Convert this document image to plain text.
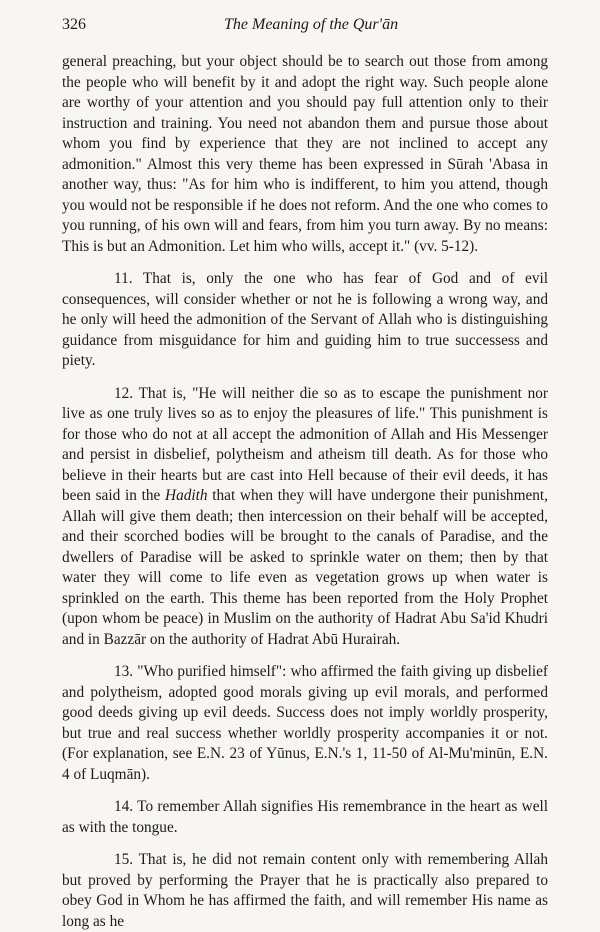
326	The Meaning of the Qur'ān

general preaching, but your object should be to search out those from among the people who will benefit by it and adopt the right way. Such people alone are worthy of your attention and you should pay full attention only to their instruction and training. You need not abandon them and pursue those about whom you find by experience that they are not inclined to accept any admonition." Almost this very theme has been expressed in Sūrah 'Abasa in another way, thus: "As for him who is indifferent, to him you attend, though you would not be responsible if he does not reform. And the one who comes to you running, of his own will and fears, from him you turn away. By no means: This is but an Admonition. Let him who wills, accept it." (vv. 5-12).

11. That is, only the one who has fear of God and of evil consequences, will consider whether or not he is following a wrong way, and he only will heed the admonition of the Servant of Allah who is distinguishing guidance from misguidance for him and guiding him to true successess and piety.

12. That is, "He will neither die so as to escape the punishment nor live as one truly lives so as to enjoy the pleasures of life." This punishment is for those who do not at all accept the admonition of Allah and His Messenger and persist in disbelief, polytheism and atheism till death. As for those who believe in their hearts but are cast into Hell because of their evil deeds, it has been said in the Hadith that when they will have undergone their punishment, Allah will give them death; then intercession on their behalf will be accepted, and their scorched bodies will be brought to the canals of Paradise, and the dwellers of Paradise will be asked to sprinkle water on them; then by that water they will come to life even as vegetation grows up when water is sprinkled on the earth. This theme has been reported from the Holy Prophet (upon whom be peace) in Muslim on the authority of Hadrat Abu Sa'id Khudri and in Bazzār on the authority of Hadrat Abū Hurairah.

13. "Who purified himself": who affirmed the faith giving up disbelief and polytheism, adopted good morals giving up evil morals, and performed good deeds giving up evil deeds. Success does not imply worldly prosperity, but true and real success whether worldly prosperity accompanies it or not. (For explanation, see E.N. 23 of Yūnus, E.N.'s 1, 11-50 of Al-Mu'minūn, E.N. 4 of Luqmān).

14. To remember Allah signifies His remembrance in the heart as well as with the tongue.

15. That is, he did not remain content only with remembering Allah but proved by performing the Prayer that he is practically also prepared to obey God in Whom he has affirmed the faith, and will remember His name as long as he
